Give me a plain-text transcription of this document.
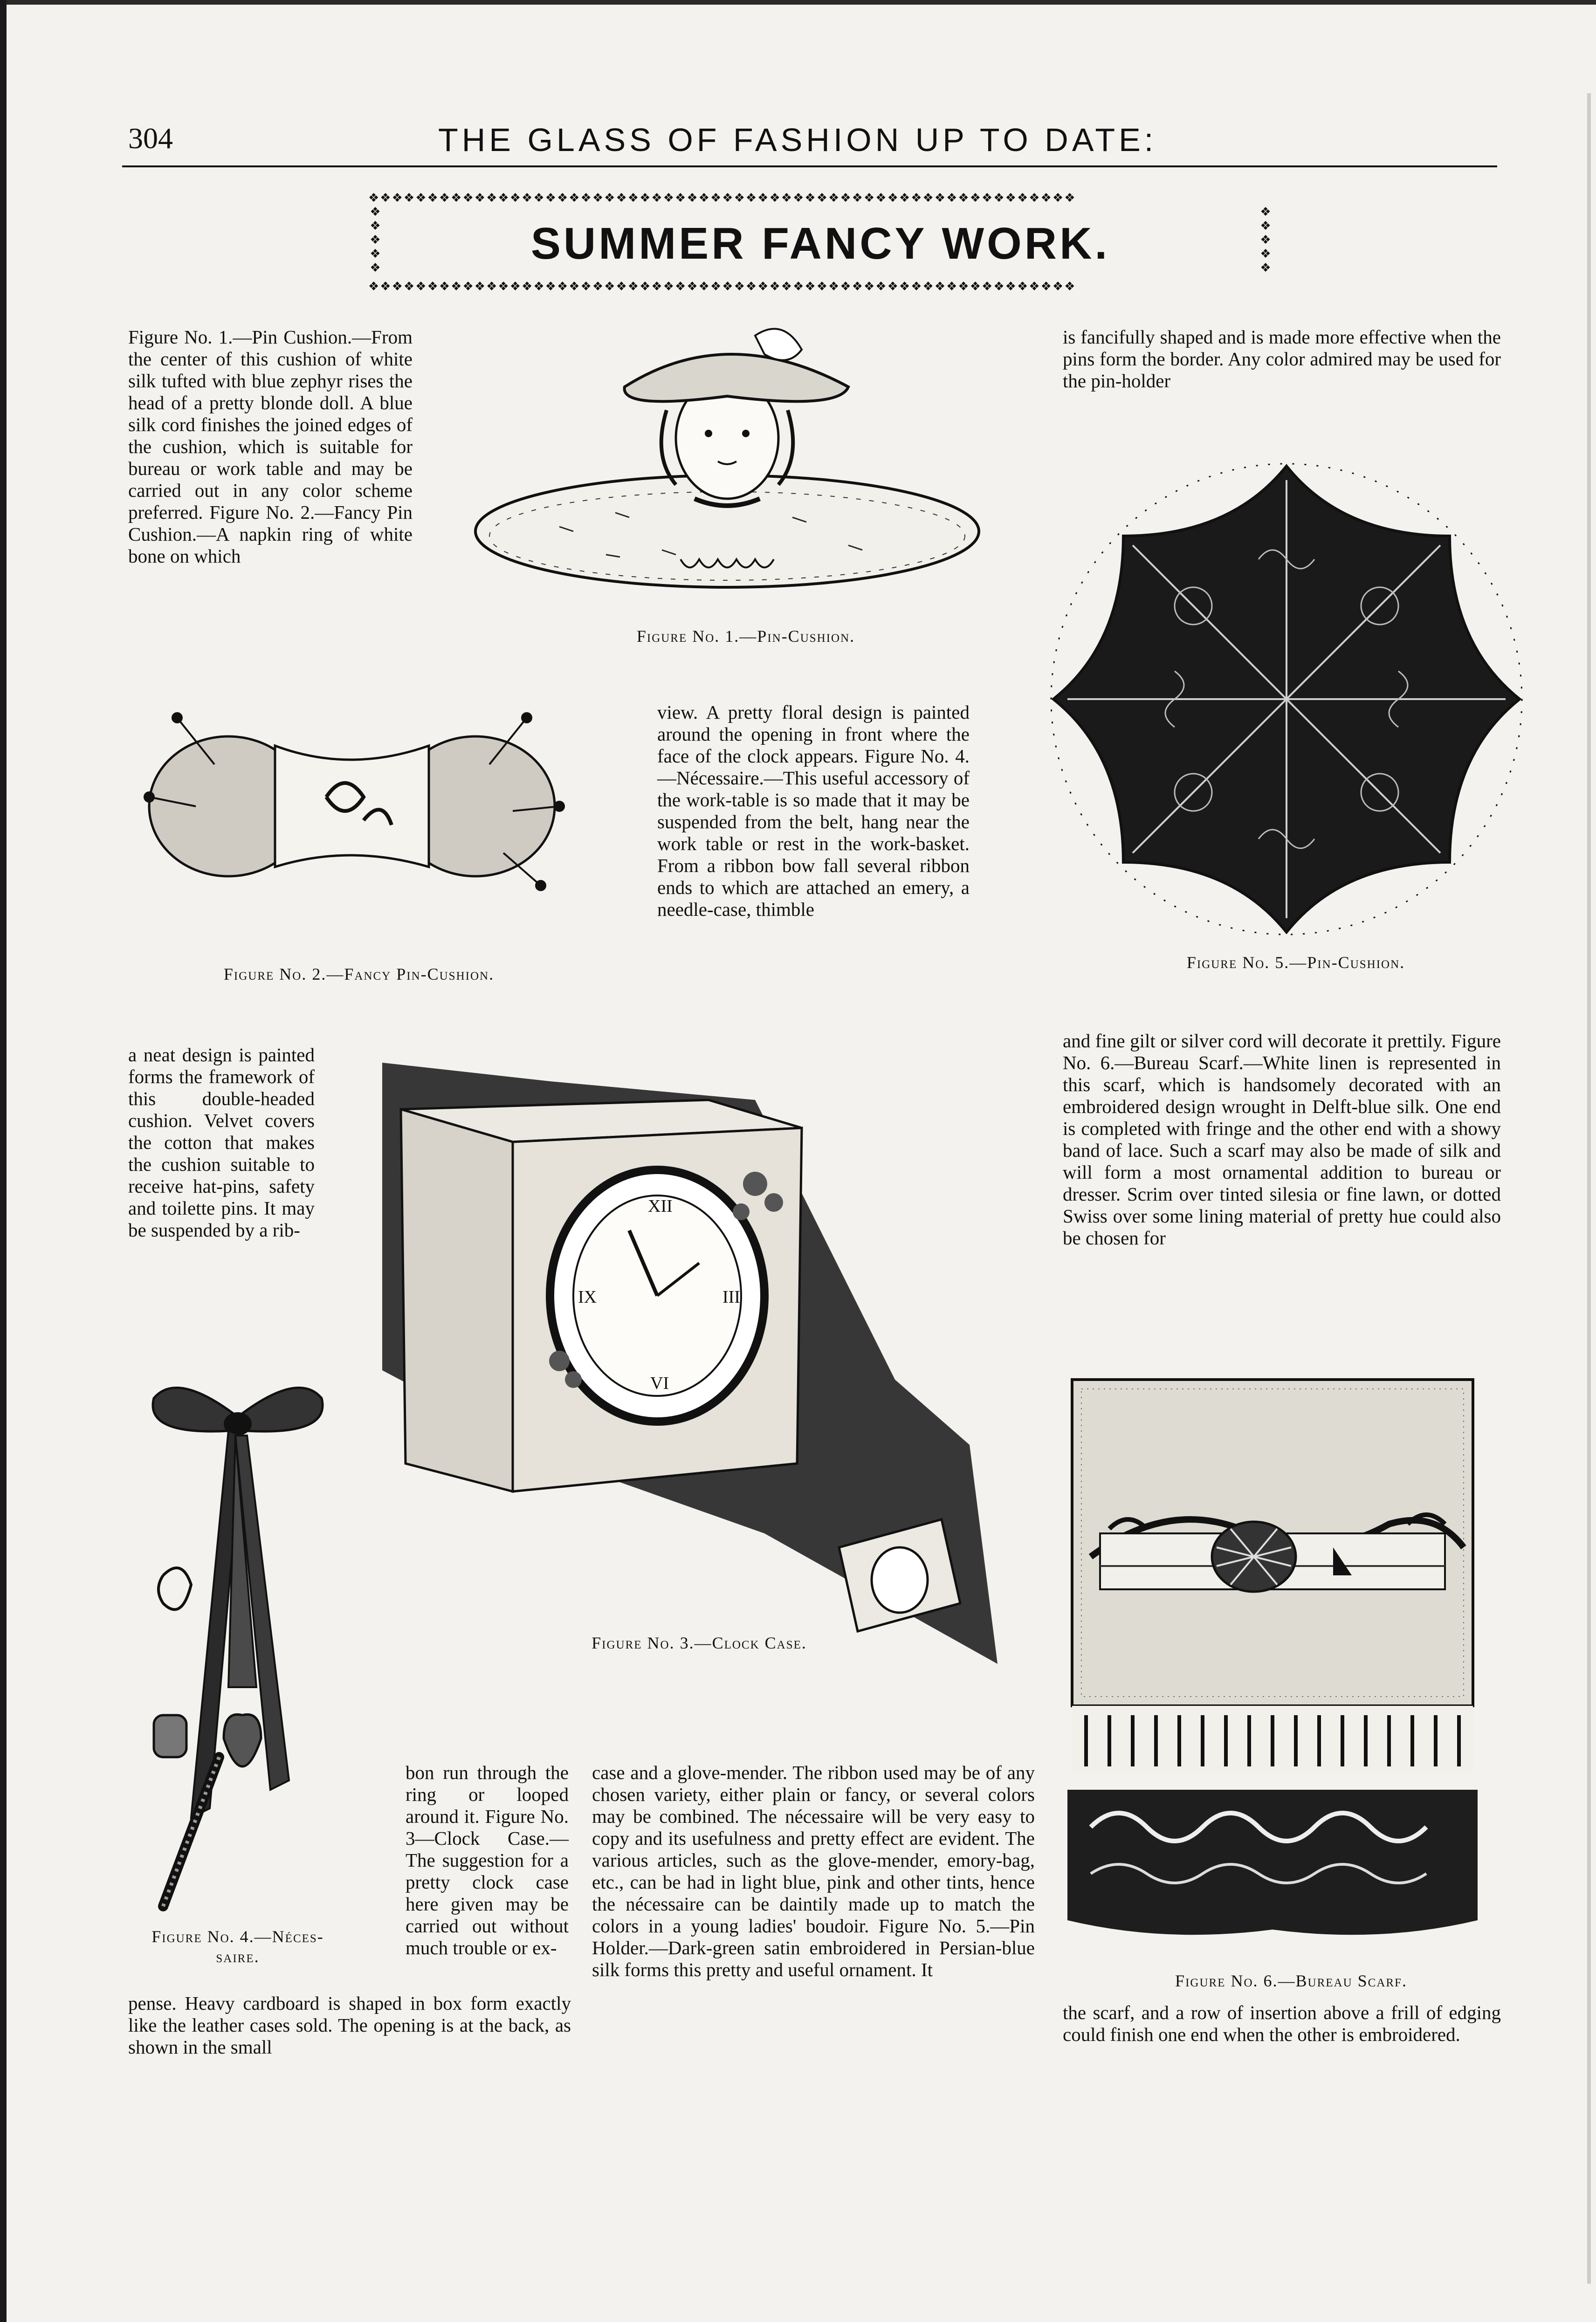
304	THE GLASS OF FASHION UP TO DATE:
❖❖❖❖❖❖❖❖❖❖❖❖❖❖❖❖❖❖❖❖❖❖❖❖❖❖❖❖❖❖❖❖❖❖❖❖❖❖❖❖❖❖❖❖❖❖❖❖❖❖❖❖❖❖❖❖❖❖❖❖
❖
❖
❖
❖
❖	SUMMER FANCY WORK.
❖
❖
❖
❖
❖
❖❖❖❖❖❖❖❖❖❖❖❖❖❖❖❖❖❖❖❖❖❖❖❖❖❖❖❖❖❖❖❖❖❖❖❖❖❖❖❖❖❖❖❖❖❖❖❖❖❖❖❖❖❖❖❖❖❖❖❖

Figure No. 1.—Pin Cushion.—From the center of this cushion of white silk tufted with blue zephyr rises the head of a pretty blonde doll. A blue silk cord finishes the joined edges of the cushion, which is suitable for bureau or work table and may be carried out in any color scheme preferred. Figure No. 2.—Fancy Pin Cushion.—A napkin ring of white bone on which

Figure No. 1.—Pin-Cushion.

is fancifully shaped and is made more effective when the pins form the border. Any color admired may be used for the pin-holder

Figure No. 5.—Pin-Cushion.
Figure No. 2.—Fancy Pin-Cushion.

view. A pretty floral design is painted around the opening in front where the face of the clock appears. Figure No. 4.—Nécessaire.—This useful accessory of the work-table is so made that it may be suspended from the belt, hang near the work table or rest in the work-basket. From a ribbon bow fall several ribbon ends to which are attached an emery, a needle-case, thimble

a neat design is painted forms the framework of this double-headed cushion. Velvet covers the cotton that makes the cushion suitable to receive hat-pins, safety and toilette pins. It may be suspended by a rib-

XII
III
VI
IX
Figure No. 3.—Clock Case.

and fine gilt or silver cord will decorate it prettily. Figure No. 6.—Bureau Scarf.—White linen is represented in this scarf, which is handsomely decorated with an embroidered design wrought in Delft-blue silk. One end is completed with fringe and the other end with a showy band of lace. Such a scarf may also be made of silk and will form a most ornamental addition to bureau or dresser. Scrim over tinted silesia or fine lawn, or dotted Swiss over some lining material of pretty hue could also be chosen for

Figure No. 4.—Néces-
saire.

bon run through the ring or looped around it. Figure No. 3—Clock Case.—The suggestion for a pretty clock case here given may be carried out without much trouble or ex-

pense. Heavy cardboard is shaped in box form exactly like the leather cases sold. The opening is at the back, as shown in the small

case and a glove-mender. The ribbon used may be of any chosen variety, either plain or fancy, or several colors may be combined. The nécessaire will be very easy to copy and its usefulness and pretty effect are evident. The various articles, such as the glove-mender, emory-bag, etc., can be had in light blue, pink and other tints, hence the nécessaire can be daintily made up to match the colors in a young ladies' boudoir. Figure No. 5.—Pin Holder.—Dark-green satin embroidered in Persian-blue silk forms this pretty and useful ornament. It

Figure No. 6.—Bureau Scarf.

the scarf, and a row of insertion above a frill of edging could finish one end when the other is embroidered.
